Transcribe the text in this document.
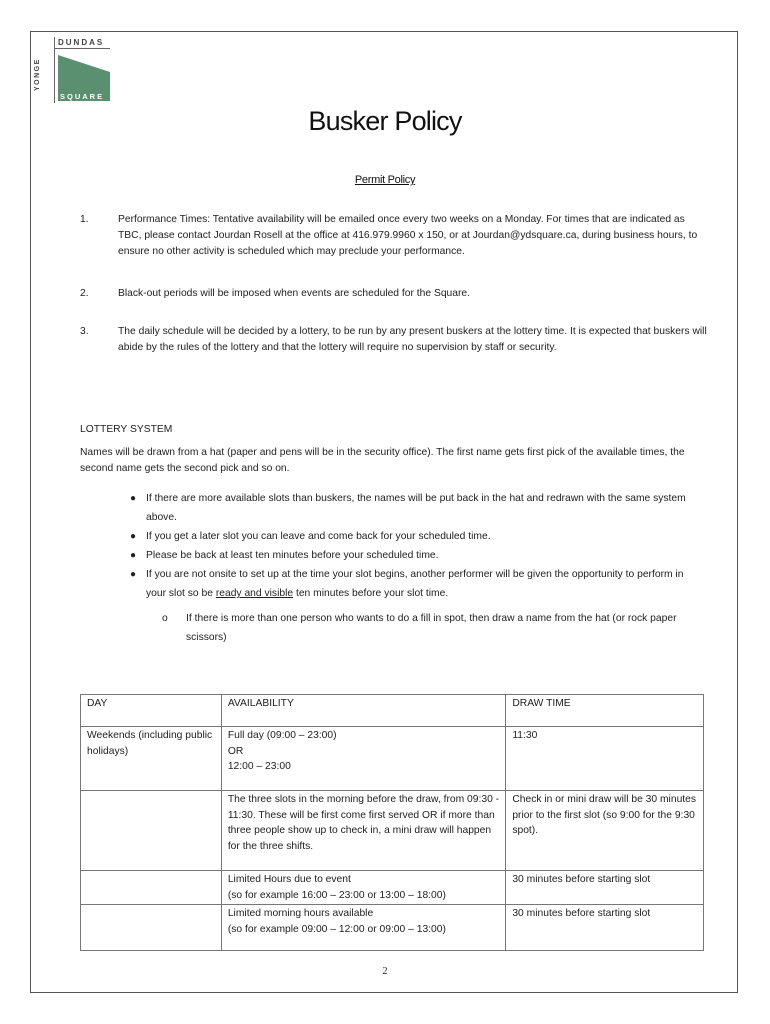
YONGE
DUNDAS
SQUARE
Busker Policy
Permit Policy
1.	Performance Times: Tentative availability will be emailed once every two weeks on a Monday. For times that are indicated as TBC, please contact Jourdan Rosell at the office at 416.979.9960 x 150, or at Jourdan@ydsquare.ca, during business hours, to ensure no other activity is scheduled which may preclude your performance.
2.	Black-out periods will be imposed when events are scheduled for the Square.
3.	The daily schedule will be decided by a lottery, to be run by any present buskers at the lottery time. It is expected that buskers will abide by the rules of the lottery and that the lottery will require no supervision by staff or security.
LOTTERY SYSTEM
Names will be drawn from a hat (paper and pens will be in the security office). The first name gets first pick of the available times, the second name gets the second pick and so on.
● If there are more available slots than buskers, the names will be put back in the hat and redrawn with the same system above.
● If you get a later slot you can leave and come back for your scheduled time.
● Please be back at least ten minutes before your scheduled time.
● If you are not onsite to set up at the time your slot begins, another performer will be given the opportunity to perform in your slot so be ready and visible ten minutes before your slot time.
o If there is more than one person who wants to do a fill in spot, then draw a name from the hat (or rock paper scissors)
DAY	AVAILABILITY	DRAW TIME
Weekends (including public holidays)	Full day (09:00 – 23:00)
OR
12:00 – 23:00	11:30
	The three slots in the morning before the draw, from 09:30 - 11:30. These will be first come first served OR if more than three people show up to check in, a mini draw will happen for the three shifts.	Check in or mini draw will be 30 minutes prior to the first slot (so 9:00 for the 9:30 spot).

	Limited Hours due to event
(so for example 16:00 – 23:00 or 13:00 – 18:00)	30 minutes before starting slot

	Limited morning hours available
(so for example 09:00 – 12:00 or 09:00 – 13:00)	30 minutes before starting slot
2
